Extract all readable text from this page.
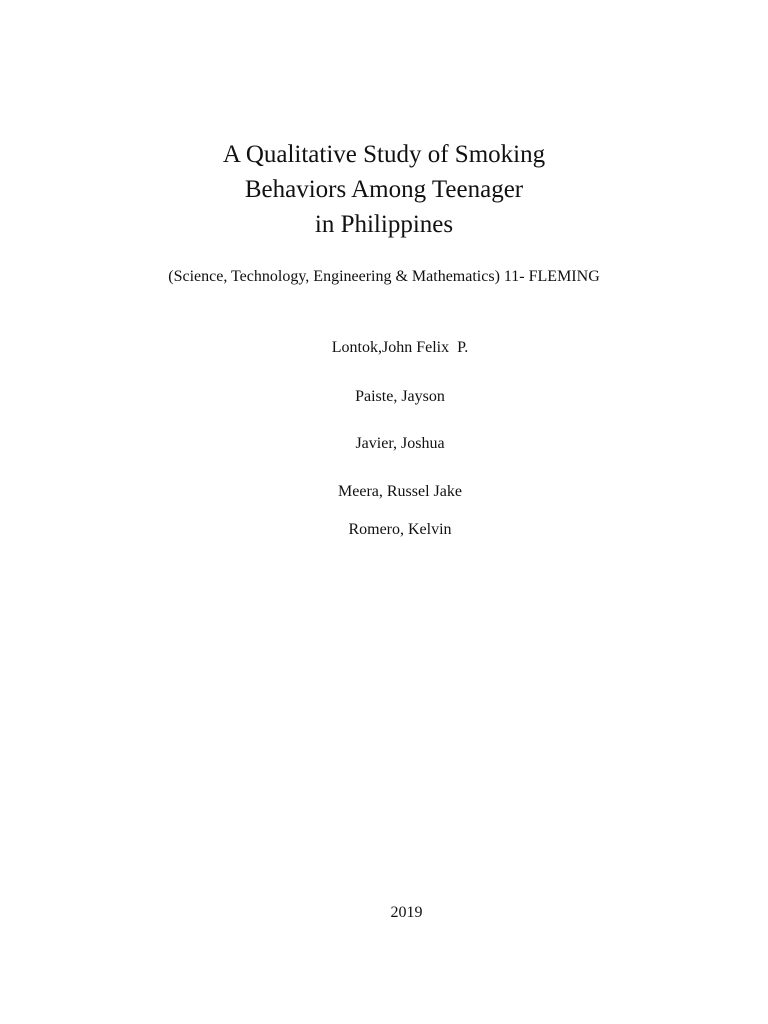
A Qualitative Study of Smoking
Behaviors Among Teenager
in Philippines

(Science, Technology, Engineering & Mathematics) 11- FLEMING

Lontok,John Felix  P.

Paiste, Jayson

Javier, Joshua

Meera, Russel Jake

Romero, Kelvin

2019
